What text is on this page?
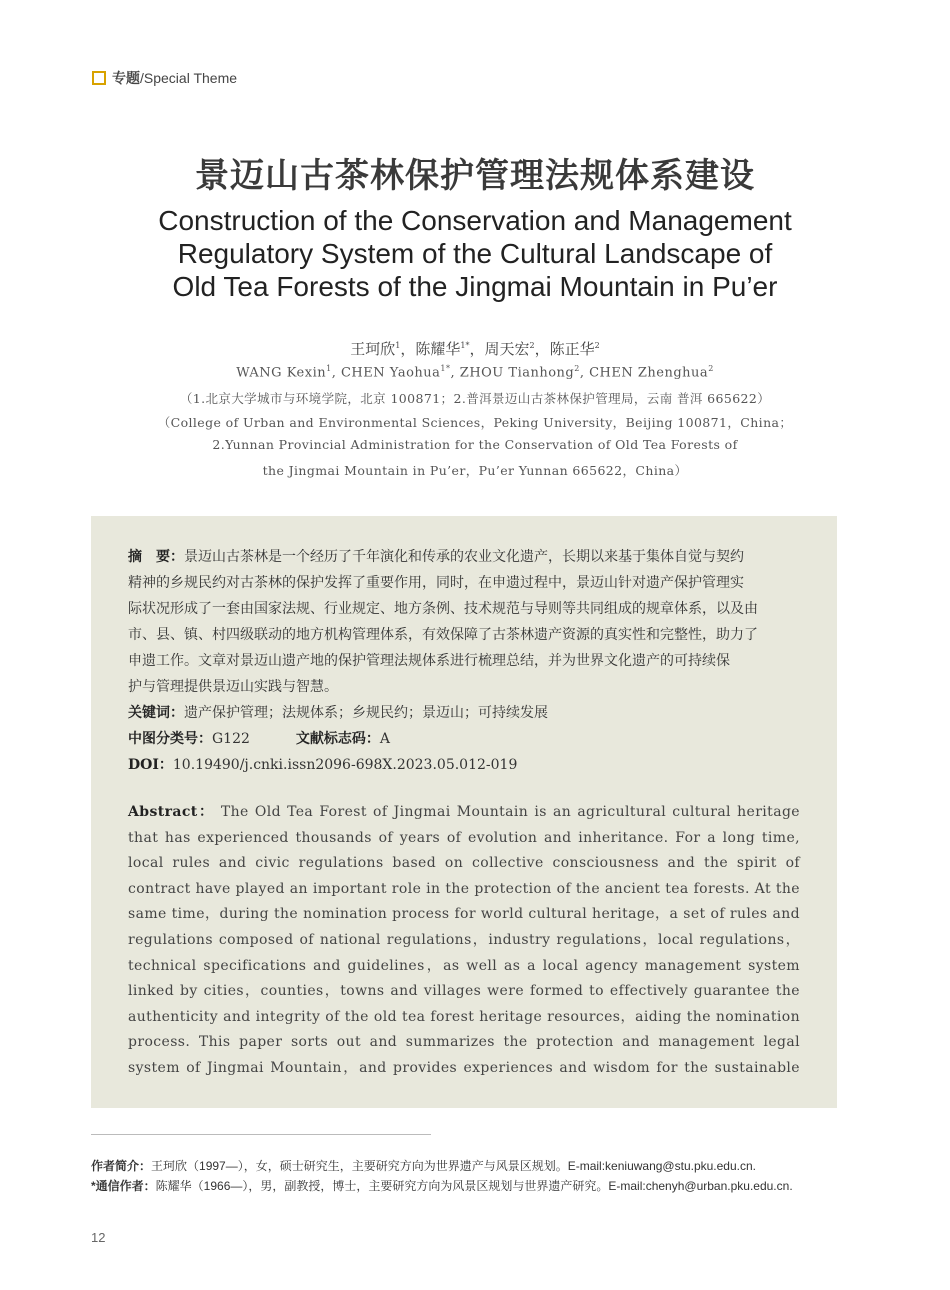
专题 /Special Theme
景迈山古茶林保护管理法规体系建设
Construction of the Conservation and Management
Regulatory System of the Cultural Landscape of
Old Tea Forests of the Jingmai Mountain in Pu’er
王珂欣$^1$，陈耀华$^{1*}$，周天宏$^2$，陈正华$^2$
WANG Kexin$^1$, CHEN Yaohua$^{1*}$, ZHOU Tianhong$^2$, CHEN Zhenghua$^2$
（1.北京大学城市与环境学院，北京 100871；2.普洱景迈山古茶林保护管理局，云南 普洱 665622）
（College of Urban and Environmental Sciences，Peking University，Beijing 100871，China；
2.Yunnan Provincial Administration for the Conservation of Old Tea Forests of
the Jingmai Mountain in Pu’er，Pu’er Yunnan 665622，China）
摘　要：景迈山古茶林是一个经历了千年演化和传承的农业文化遗产，长期以来基于集体自觉与契约
精神的乡规民约对古茶林的保护发挥了重要作用，同时，在申遗过程中，景迈山针对遗产保护管理实
际状况形成了一套由国家法规、行业规定、地方条例、技术规范与导则等共同组成的规章体系，以及由
市、县、镇、村四级联动的地方机构管理体系，有效保障了古茶林遗产资源的真实性和完整性，助力了
申遗工作。文章对景迈山遗产地的保护管理法规体系进行梳理总结，并为世界文化遗产的可持续保
护与管理提供景迈山实践与智慧。
关键词：遗产保护管理；法规体系；乡规民约；景迈山；可持续发展
中图分类号：G122	文献标志码：A
DOI：10.19490/j.cnki.issn2096-698X.2023.05.012-019
Abstract： The Old Tea Forest of Jingmai Mountain is an agricultural cultural heritage
that has experienced thousands of years of evolution and inheritance. For a long time,
local rules and civic regulations based on collective consciousness and the spirit of
contract have played an important role in the protection of the ancient tea forests. At the
same time，during the nomination process for world cultural heritage，a set of rules and
regulations composed of national regulations，industry regulations，local regulations，
technical specifications and guidelines，as well as a local agency management system
linked by cities，counties，towns and villages were formed to effectively guarantee the
authenticity and integrity of the old tea forest heritage resources，aiding the nomination
process. This paper sorts out and summarizes the protection and management legal
system of Jingmai Mountain，and provides experiences and wisdom for the sustainable
作者简介：王珂欣（1997—），女，硕士研究生，主要研究方向为世界遗产与风景区规划。E-mail:keniuwang@stu.pku.edu.cn.
*通信作者：陈耀华（1966—），男，副教授，博士，主要研究方向为风景区规划与世界遗产研究。E-mail:chenyh@urban.pku.edu.cn.
12
